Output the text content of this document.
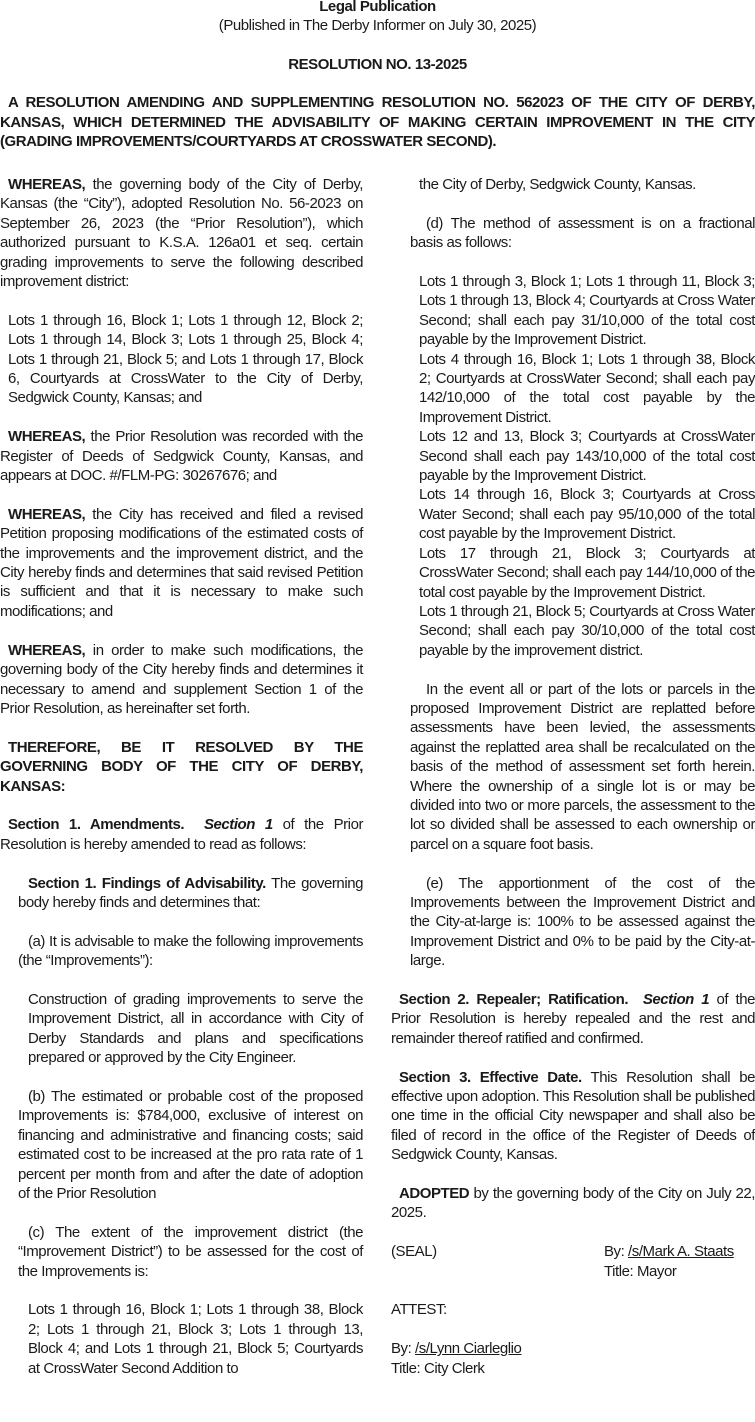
Legal Publication
(Published in The Derby Informer on July 30, 2025)
RESOLUTION NO. 13-2025
A RESOLUTION AMENDING AND SUPPLEMENTING RESOLUTION NO. 562023 OF THE CITY OF DERBY, KANSAS, WHICH DETERMINED THE ADVISABILITY OF MAKING CERTAIN IMPROVEMENT IN THE CITY (GRADING IMPROVEMENTS/COURTYARDS AT CROSSWATER SECOND).

WHEREAS, the governing body of the City of Derby, Kansas (the “City”), adopted Resolution No. 56-2023 on September 26, 2023 (the “Prior Resolution”), which authorized pursuant to K.S.A. 126a01 et seq. certain grading improvements to serve the following described improvement district:

Lots 1 through 16, Block 1; Lots 1 through 12, Block 2; Lots 1 through 14, Block 3; Lots 1 through 25, Block 4; Lots 1 through 21, Block 5; and Lots 1 through 17, Block 6, Courtyards at CrossWater to the City of Derby, Sedgwick County, Kansas; and

WHEREAS, the Prior Resolution was recorded with the Register of Deeds of Sedgwick County, Kansas, and appears at DOC. #/FLM-PG: 30267676; and

WHEREAS, the City has received and filed a revised Petition proposing modifications of the estimated costs of the improvements and the improvement district, and the City hereby finds and determines that said revised Petition is sufficient and that it is necessary to make such modifications; and

WHEREAS, in order to make such modifications, the governing body of the City hereby finds and determines it necessary to amend and supplement Section 1 of the Prior Resolution, as hereinafter set forth.

THEREFORE, BE IT RESOLVED BY THE GOVERNING BODY OF THE CITY OF DERBY, KANSAS:

Section 1. Amendments. Section 1 of the Prior Resolution is hereby amended to read as follows:

Section 1. Findings of Advisability. The governing body hereby finds and determines that:

(a) It is advisable to make the following improvements (the “Improvements”):

Construction of grading improvements to serve the Improvement District, all in accordance with City of Derby Standards and plans and specifications prepared or approved by the City Engineer.

(b) The estimated or probable cost of the proposed Improvements is: $784,000, exclusive of interest on financing and administrative and financing costs; said estimated cost to be increased at the pro rata rate of 1 percent per month from and after the date of adoption of the Prior Resolution

(c) The extent of the improvement district (the “Improvement District”) to be assessed for the cost of the Improvements is:

Lots 1 through 16, Block 1; Lots 1 through 38, Block 2; Lots 1 through 21, Block 3; Lots 1 through 13, Block 4; and Lots 1 through 21, Block 5; Courtyards at CrossWater Second Addition to

the City of Derby, Sedgwick County, Kansas.

(d) The method of assessment is on a fractional basis as follows:

Lots 1 through 3, Block 1; Lots 1 through 11, Block 3; Lots 1 through 13, Block 4; Courtyards at Cross Water Second; shall each pay 31/10,000 of the total cost payable by the Improvement District.

Lots 4 through 16, Block 1; Lots 1 through 38, Block 2; Courtyards at CrossWater Second; shall each pay 142/10,000 of the total cost payable by the Improvement District.

Lots 12 and 13, Block 3; Courtyards at CrossWater Second shall each pay 143/10,000 of the total cost payable by the Improvement District.

Lots 14 through 16, Block 3; Courtyards at Cross Water Second; shall each pay 95/10,000 of the total cost payable by the Improvement District.

Lots 17 through 21, Block 3; Courtyards at CrossWater Second; shall each pay 144/10,000 of the total cost payable by the Improvement District.

Lots 1 through 21, Block 5; Courtyards at Cross Water Second; shall each pay 30/10,000 of the total cost payable by the improvement district.

In the event all or part of the lots or parcels in the proposed Improvement District are replatted before assessments have been levied, the assessments against the replatted area shall be recalculated on the basis of the method of assessment set forth herein. Where the ownership of a single lot is or may be divided into two or more parcels, the assessment to the lot so divided shall be assessed to each ownership or parcel on a square foot basis.

(e) The apportionment of the cost of the Improvements between the Improvement District and the City-at-large is: 100% to be assessed against the Improvement District and 0% to be paid by the City-at-large.

Section 2. Repealer; Ratification. Section 1 of the Prior Resolution is hereby repealed and the rest and remainder thereof ratified and confirmed.

Section 3. Effective Date. This Resolution shall be effective upon adoption. This Resolution shall be published one time in the official City newspaper and shall also be filed of record in the office of the Register of Deeds of Sedgwick County, Kansas.

ADOPTED by the governing body of the City on July 22, 2025.

(SEAL)	By: /s/Mark A. Staats
Title: Mayor

ATTEST:

By: /s/Lynn Ciarleglio
Title: City Clerk
